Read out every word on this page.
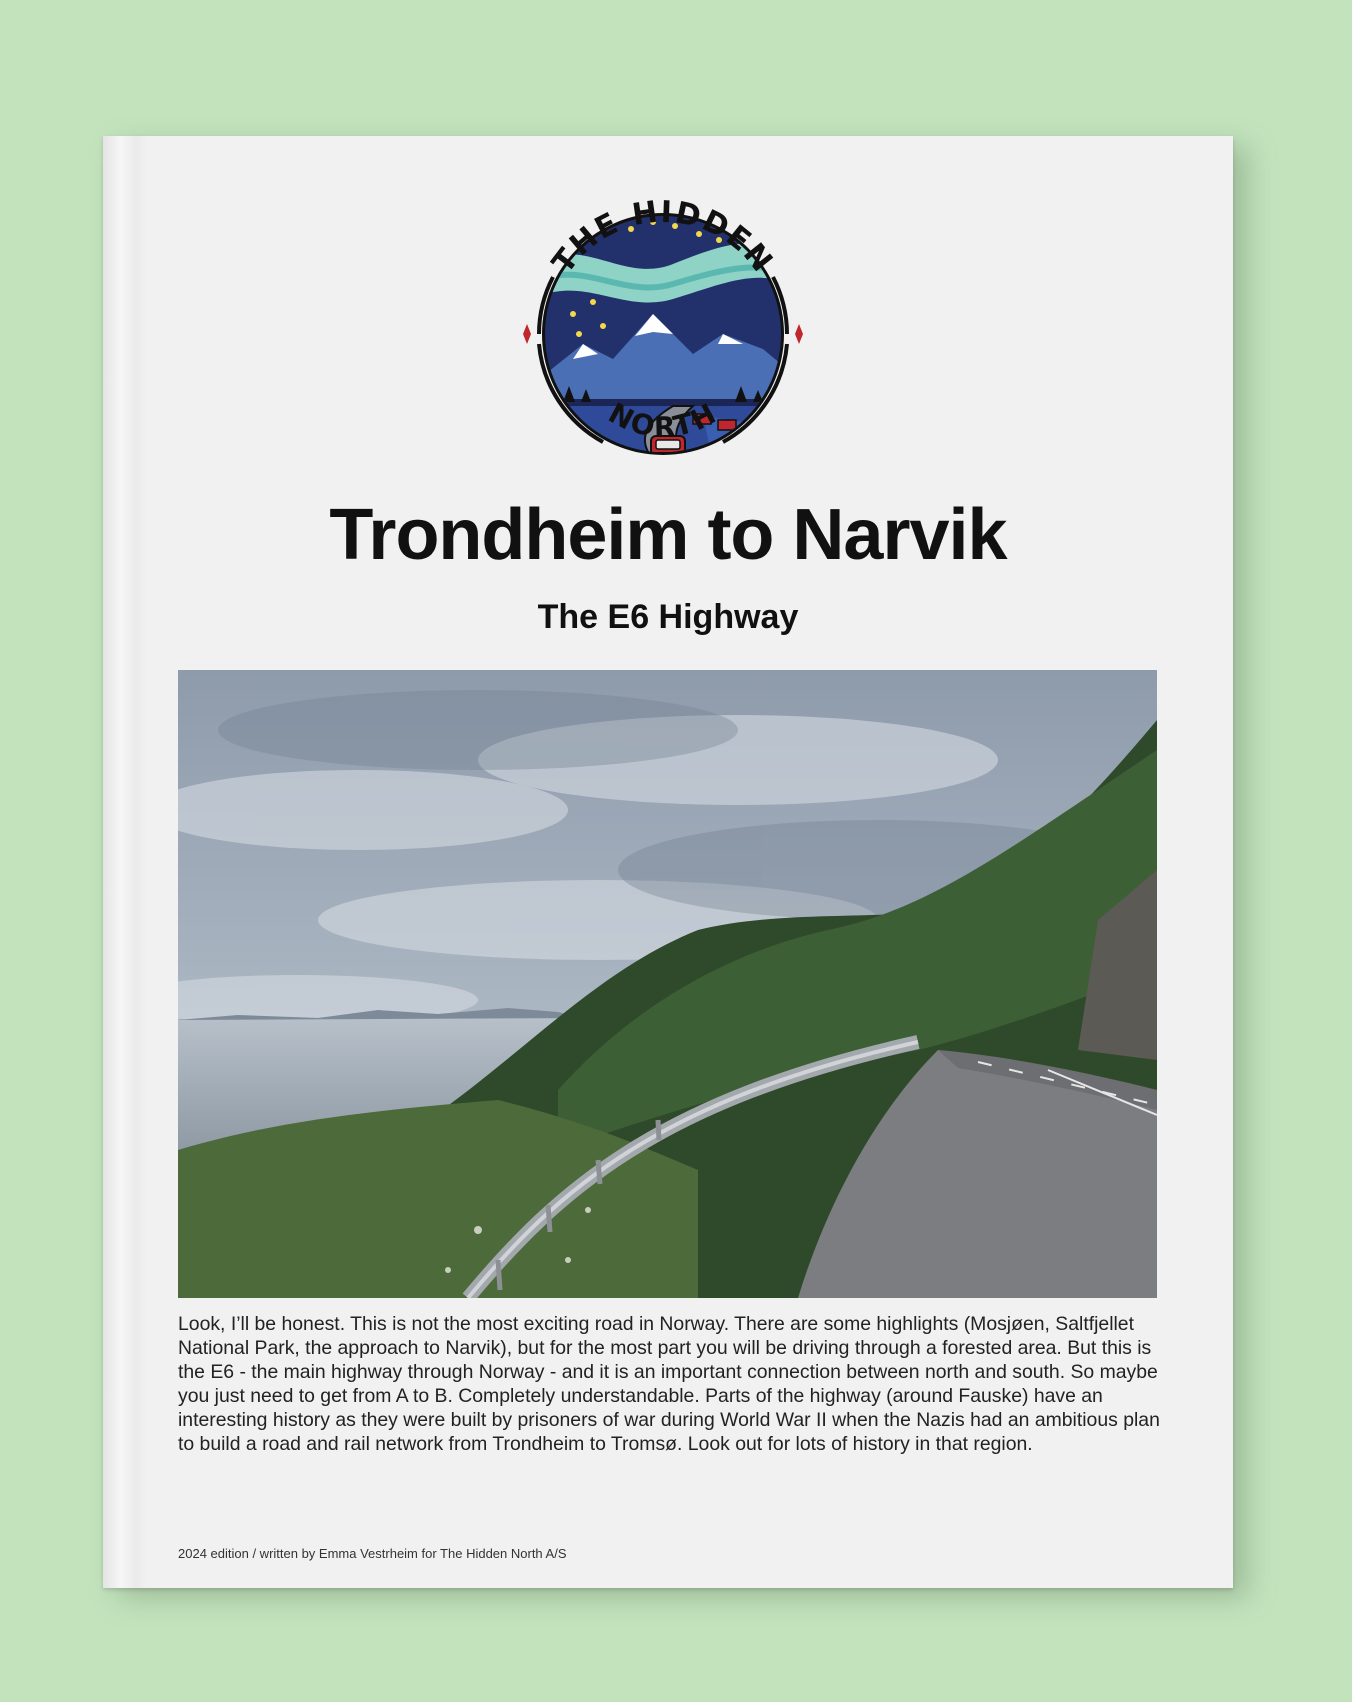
THE HIDDEN
NORTH
Trondheim to Narvik
The E6 Highway

Look, I’ll be honest. This is not the most exciting road in Norway. There are some highlights (Mosjøen, Saltfjellet National Park, the approach to Narvik), but for the most part you will be driving through a forested area. But this is the E6 - the main highway through Norway - and it is an important connection between north and south. So maybe you just need to get from A to B. Completely understandable. Parts of the highway (around Fauske) have an interesting history as they were built by prisoners of war during World War II when the Nazis had an ambitious plan to build a road and rail network from Trondheim to Tromsø. Look out for lots of history in that region.

2024 edition / written by Emma Vestrheim for The Hidden North A/S
